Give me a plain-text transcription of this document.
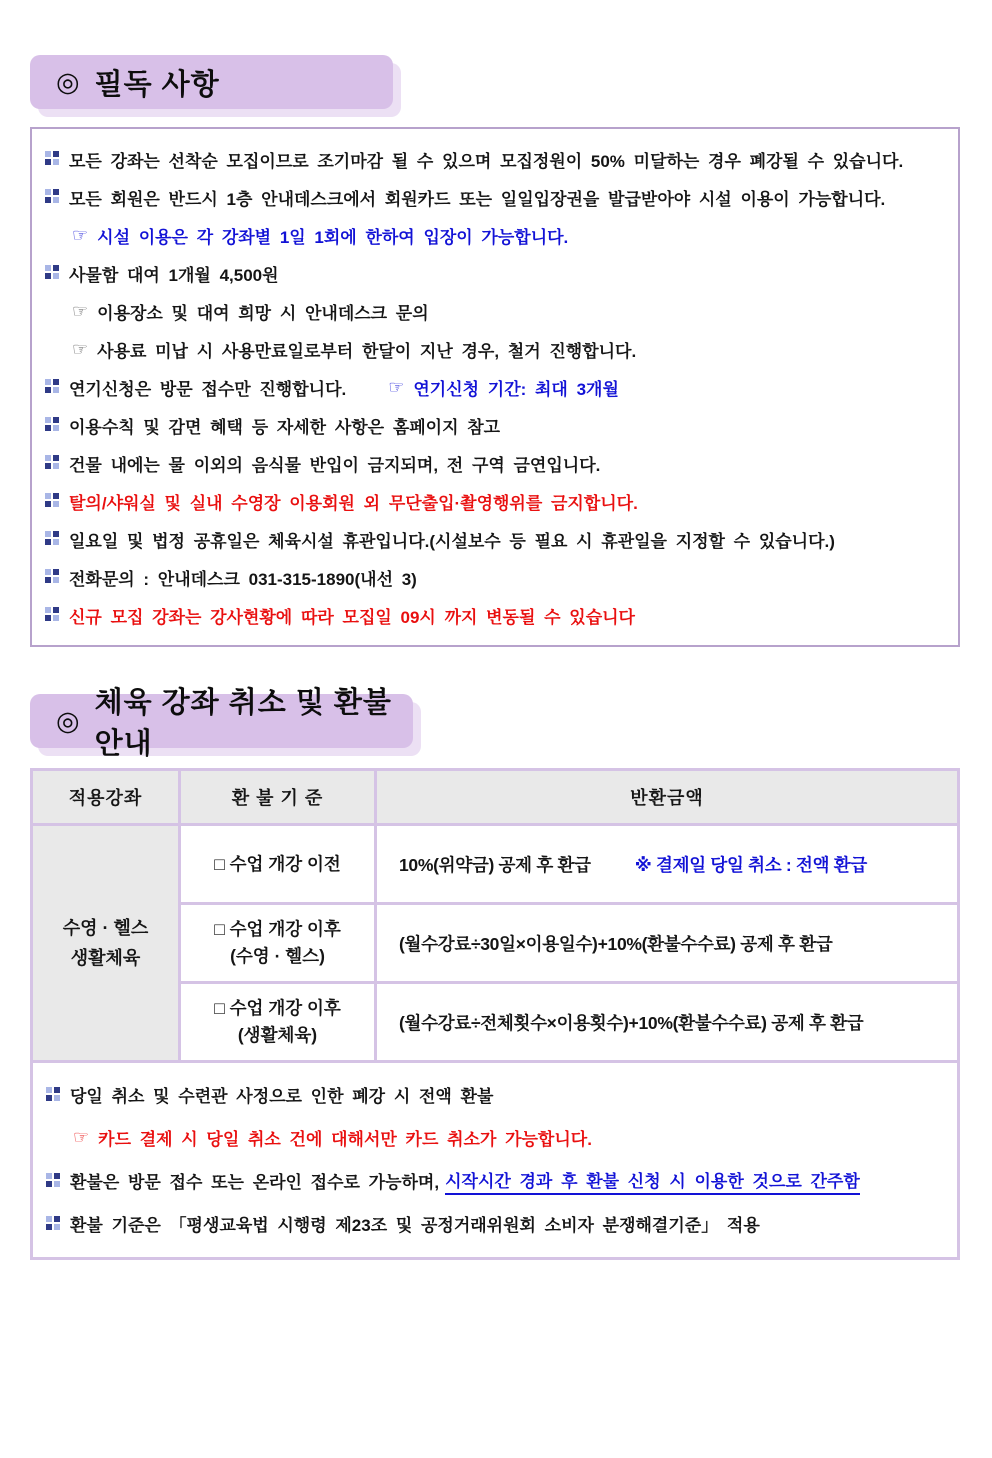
◎ 필독 사항
모든 강좌는 선착순 모집이므로 조기마감 될 수 있으며 모집정원이 50% 미달하는 경우 폐강될 수 있습니다.
모든 회원은 반드시 1층 안내데스크에서 회원카드 또는 일일입장권을 발급받아야 시설 이용이 가능합니다.
☞ 시설 이용은 각 강좌별 1일 1회에 한하여 입장이 가능합니다.
사물함 대여 1개월 4,500원
☞ 이용장소 및 대여 희망 시 안내데스크 문의
☞ 사용료 미납 시 사용만료일로부터 한달이 지난 경우, 철거 진행합니다.
연기신청은 방문 접수만 진행합니다. ☞ 연기신청 기간: 최대 3개월
이용수칙 및 감면 혜택 등 자세한 사항은 홈페이지 참고
건물 내에는 물 이외의 음식물 반입이 금지되며, 전 구역 금연입니다.
탈의/샤워실 및 실내 수영장 이용회원 외 무단출입·촬영행위를 금지합니다.
일요일 및 법정 공휴일은 체육시설 휴관입니다.(시설보수 등 필요 시 휴관일을 지정할 수 있습니다.)
전화문의 : 안내데스크 031-315-1890(내선 3)
신규 모집 강좌는 강사현황에 따라 모집일 09시 까지 변동될 수 있습니다
◎
체육 강좌 취소 및 환불안내
적용강좌	환 불 기 준	반환금액

수영 · 헬스
생활체육	□ 수업 개강 이전	10%(위약금) 공제 후 환급 ※ 결제일 당일 취소 : 전액 환급

	□ 수업 개강 이후
(수영 · 헬스)	(월수강료÷30일×이용일수)+10%(환불수수료) 공제 후 환급

	□ 수업 개강 이후
(생활체육)	(월수강료÷전체횟수×이용횟수)+10%(환불수수료) 공제 후 환급
당일 취소 및 수련관 사정으로 인한 폐강 시 전액 환불
☞ 카드 결제 시 당일 취소 건에 대해서만 카드 취소가 가능합니다.
환불은 방문 접수 또는 온라인 접수로 가능하며, 시작시간 경과 후 환불 신청 시 이용한 것으로 간주함
환불 기준은 「평생교육법 시행령 제23조 및 공정거래위원회 소비자 분쟁해결기준」 적용
